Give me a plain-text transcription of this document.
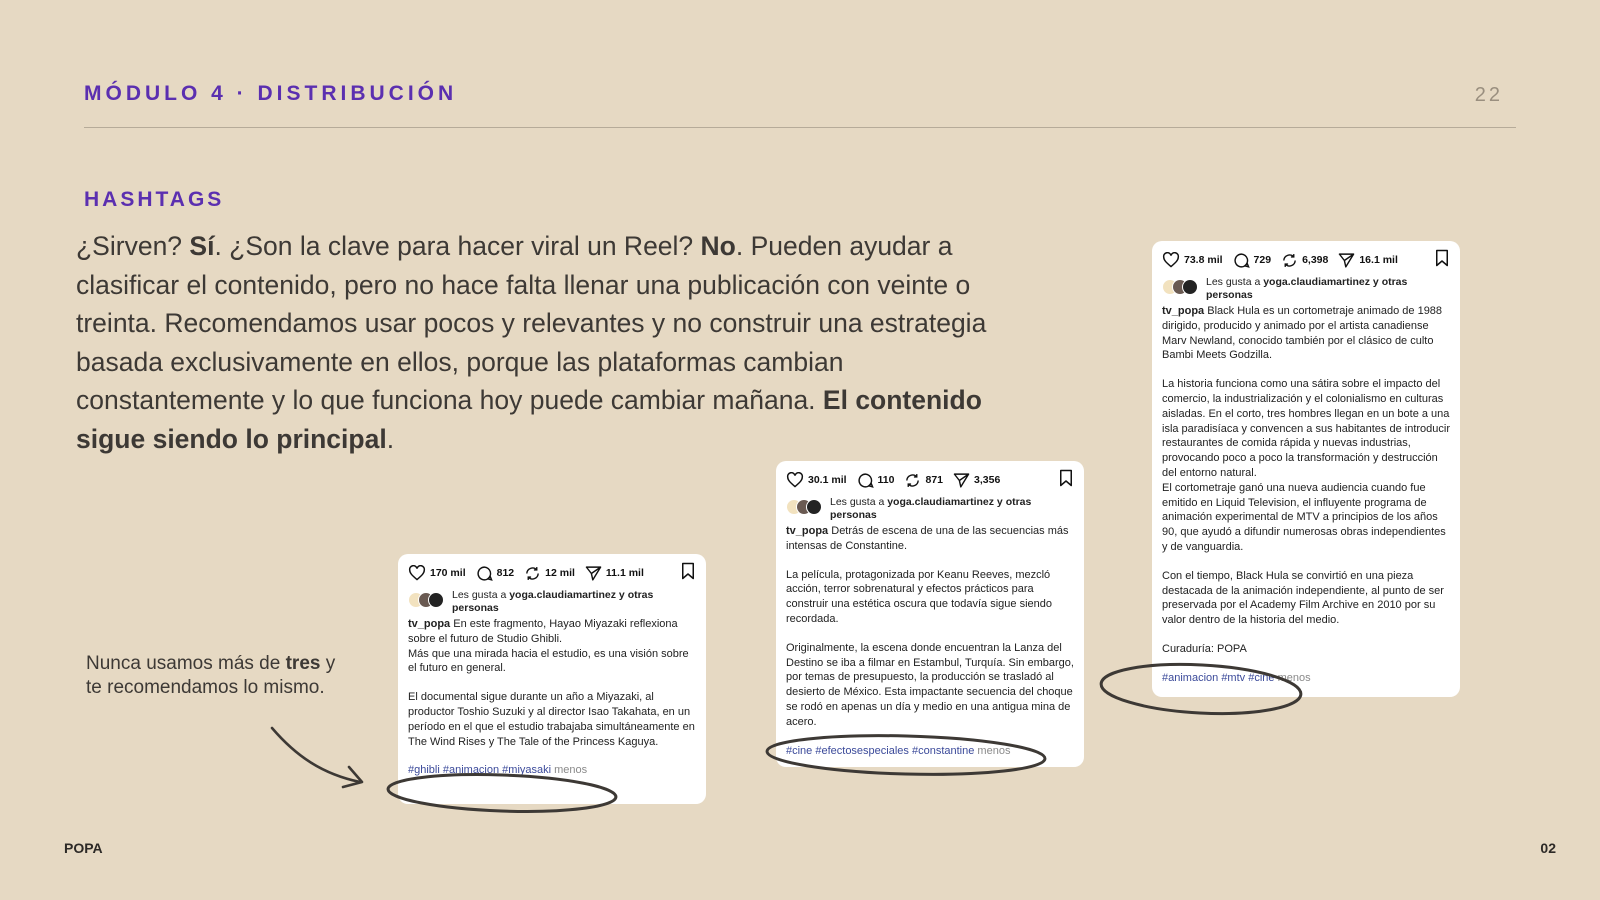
MÓDULO 4 · DISTRIBUCIÓN	22
HASHTAGS
¿Sirven? Sí. ¿Son la clave para hacer viral un Reel? No. Pueden ayudar a clasificar el contenido, pero no hace falta llenar una publicación con veinte o treinta. Recomendamos usar pocos y relevantes y no construir una estrategia basada exclusivamente en ellos, porque las plataformas cambian constantemente y lo que funciona hoy puede cambiar mañana. El contenido sigue siendo lo principal.
Nunca usamos más de tres y te recomendamos lo mismo.
170 mil	812	12 mil	11.1 mil
Les gusta a yoga.claudiamartinez y otras personas
tv_popa En este fragmento, Hayao Miyazaki reflexiona sobre el futuro de Studio Ghibli.
Más que una mirada hacia el estudio, es una visión sobre el futuro en general.
El documental sigue durante un año a Miyazaki, al productor Toshio Suzuki y al director Isao Takahata, en un período en el que el estudio trabajaba simultáneamente en The Wind Rises y The Tale of the Princess Kaguya.
#ghibli #animacion #miyasaki menos
30.1 mil	110	871	3,356
Les gusta a yoga.claudiamartinez y otras personas
tv_popa Detrás de escena de una de las secuencias más intensas de Constantine.
La película, protagonizada por Keanu Reeves, mezcló acción, terror sobrenatural y efectos prácticos para construir una estética oscura que todavía sigue siendo recordada.
Originalmente, la escena donde encuentran la Lanza del Destino se iba a filmar en Estambul, Turquía. Sin embargo, por temas de presupuesto, la producción se trasladó al desierto de México. Esta impactante secuencia del choque se rodó en apenas un día y medio en una antigua mina de acero.
#cine #efectosespeciales #constantine menos
73.8 mil	729	6,398	16.1 mil
Les gusta a yoga.claudiamartinez y otras personas
tv_popa Black Hula es un cortometraje animado de 1988 dirigido, producido y animado por el artista canadiense Marv Newland, conocido también por el clásico de culto Bambi Meets Godzilla.
La historia funciona como una sátira sobre el impacto del comercio, la industrialización y el colonialismo en culturas aisladas. En el corto, tres hombres llegan en un bote a una isla paradisíaca y convencen a sus habitantes de introducir restaurantes de comida rápida y nuevas industrias, provocando poco a poco la transformación y destrucción del entorno natural.
El cortometraje ganó una nueva audiencia cuando fue emitido en Liquid Television, el influyente programa de animación experimental de MTV a principios de los años 90, que ayudó a difundir numerosas obras independientes y de vanguardia.
Con el tiempo, Black Hula se convirtió en una pieza destacada de la animación independiente, al punto de ser preservada por el Academy Film Archive en 2010 por su valor dentro de la historia del medio.
Curaduría: POPA
#animacion #mtv #cine menos
POPA	02
